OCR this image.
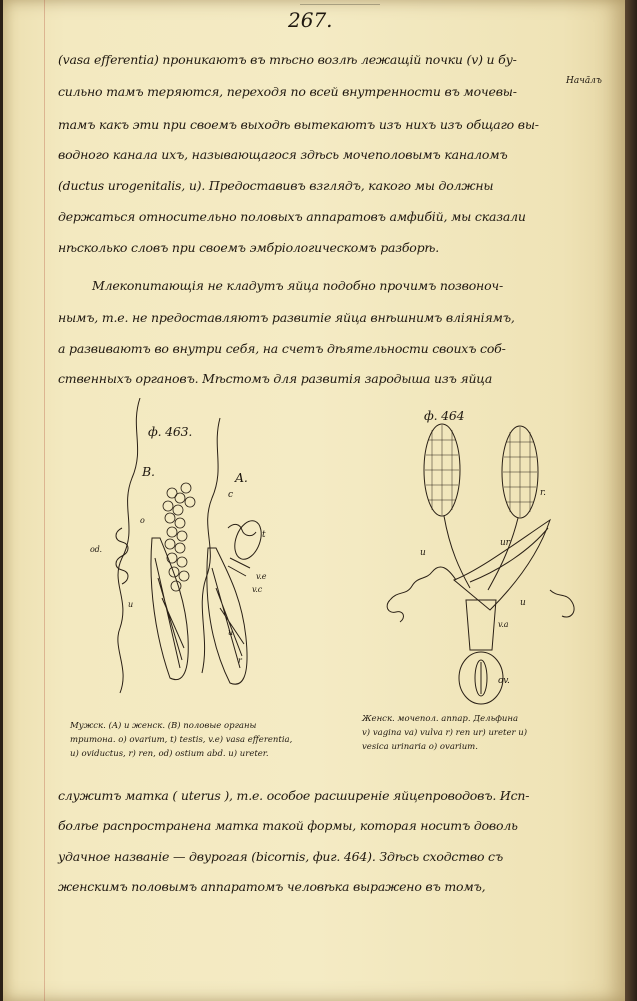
267.
Нача̃лъ
(vasa efferentia) проникаютъ въ тѣсно возлѣ лежащій почки (v) и бу-
сильно тамъ теряются, переходя по всей внутренности въ мочевы-
тамъ какъ эти при своемъ выходѣ вытекаютъ изъ нихъ изъ общаго вы-
водного канала ихъ, называющагося здѣсь мочеполовымъ каналомъ
(ductus urogenitalis, u). Предоставивъ взглядъ, какого мы должны
держаться относительно половыхъ аппаратовъ амфибій, мы сказали
нѣсколько словъ при своемъ эмбріологическомъ разборѣ.
Млекопитающія не кладутъ яйца подобно прочимъ позвоноч-
нымъ, т.е. не предоставляютъ развитіе яйца внѣшнимъ вліяніямъ,
а развиваютъ во внутри себя, на счетъ дѣятельности своихъ соб-
ственныхъ органовъ. Мѣстомъ для развитія зародыша изъ яйца
ф. 463.
B.	A.
c
t
v.e
v.c
u
r
od.
u
o
Мужск. (A) и женск. (B) половые органы
тритона. o) ovarium, t) testis, v.e) vasa efferentia,
u) oviductus, r) ren, od) ostium abd. u) ureter.
ф. 464
r.
ur
u
u
v.a
ov.
Женск. мочепол. аппар. Дельфина
v) vagina va) vulva r) ren ur) ureter u)
vesica urinaria o) ovarium.
служитъ матка ( uterus ), т.е. особое расширеніе яйцепроводовъ. Исп-
болѣе распространена матка такой формы, которая носитъ доволь
удачное названіе — двурогая (bicornis, фиг. 464). Здѣсь сходство съ
женскимъ половымъ аппаратомъ человѣка выражено въ томъ,
